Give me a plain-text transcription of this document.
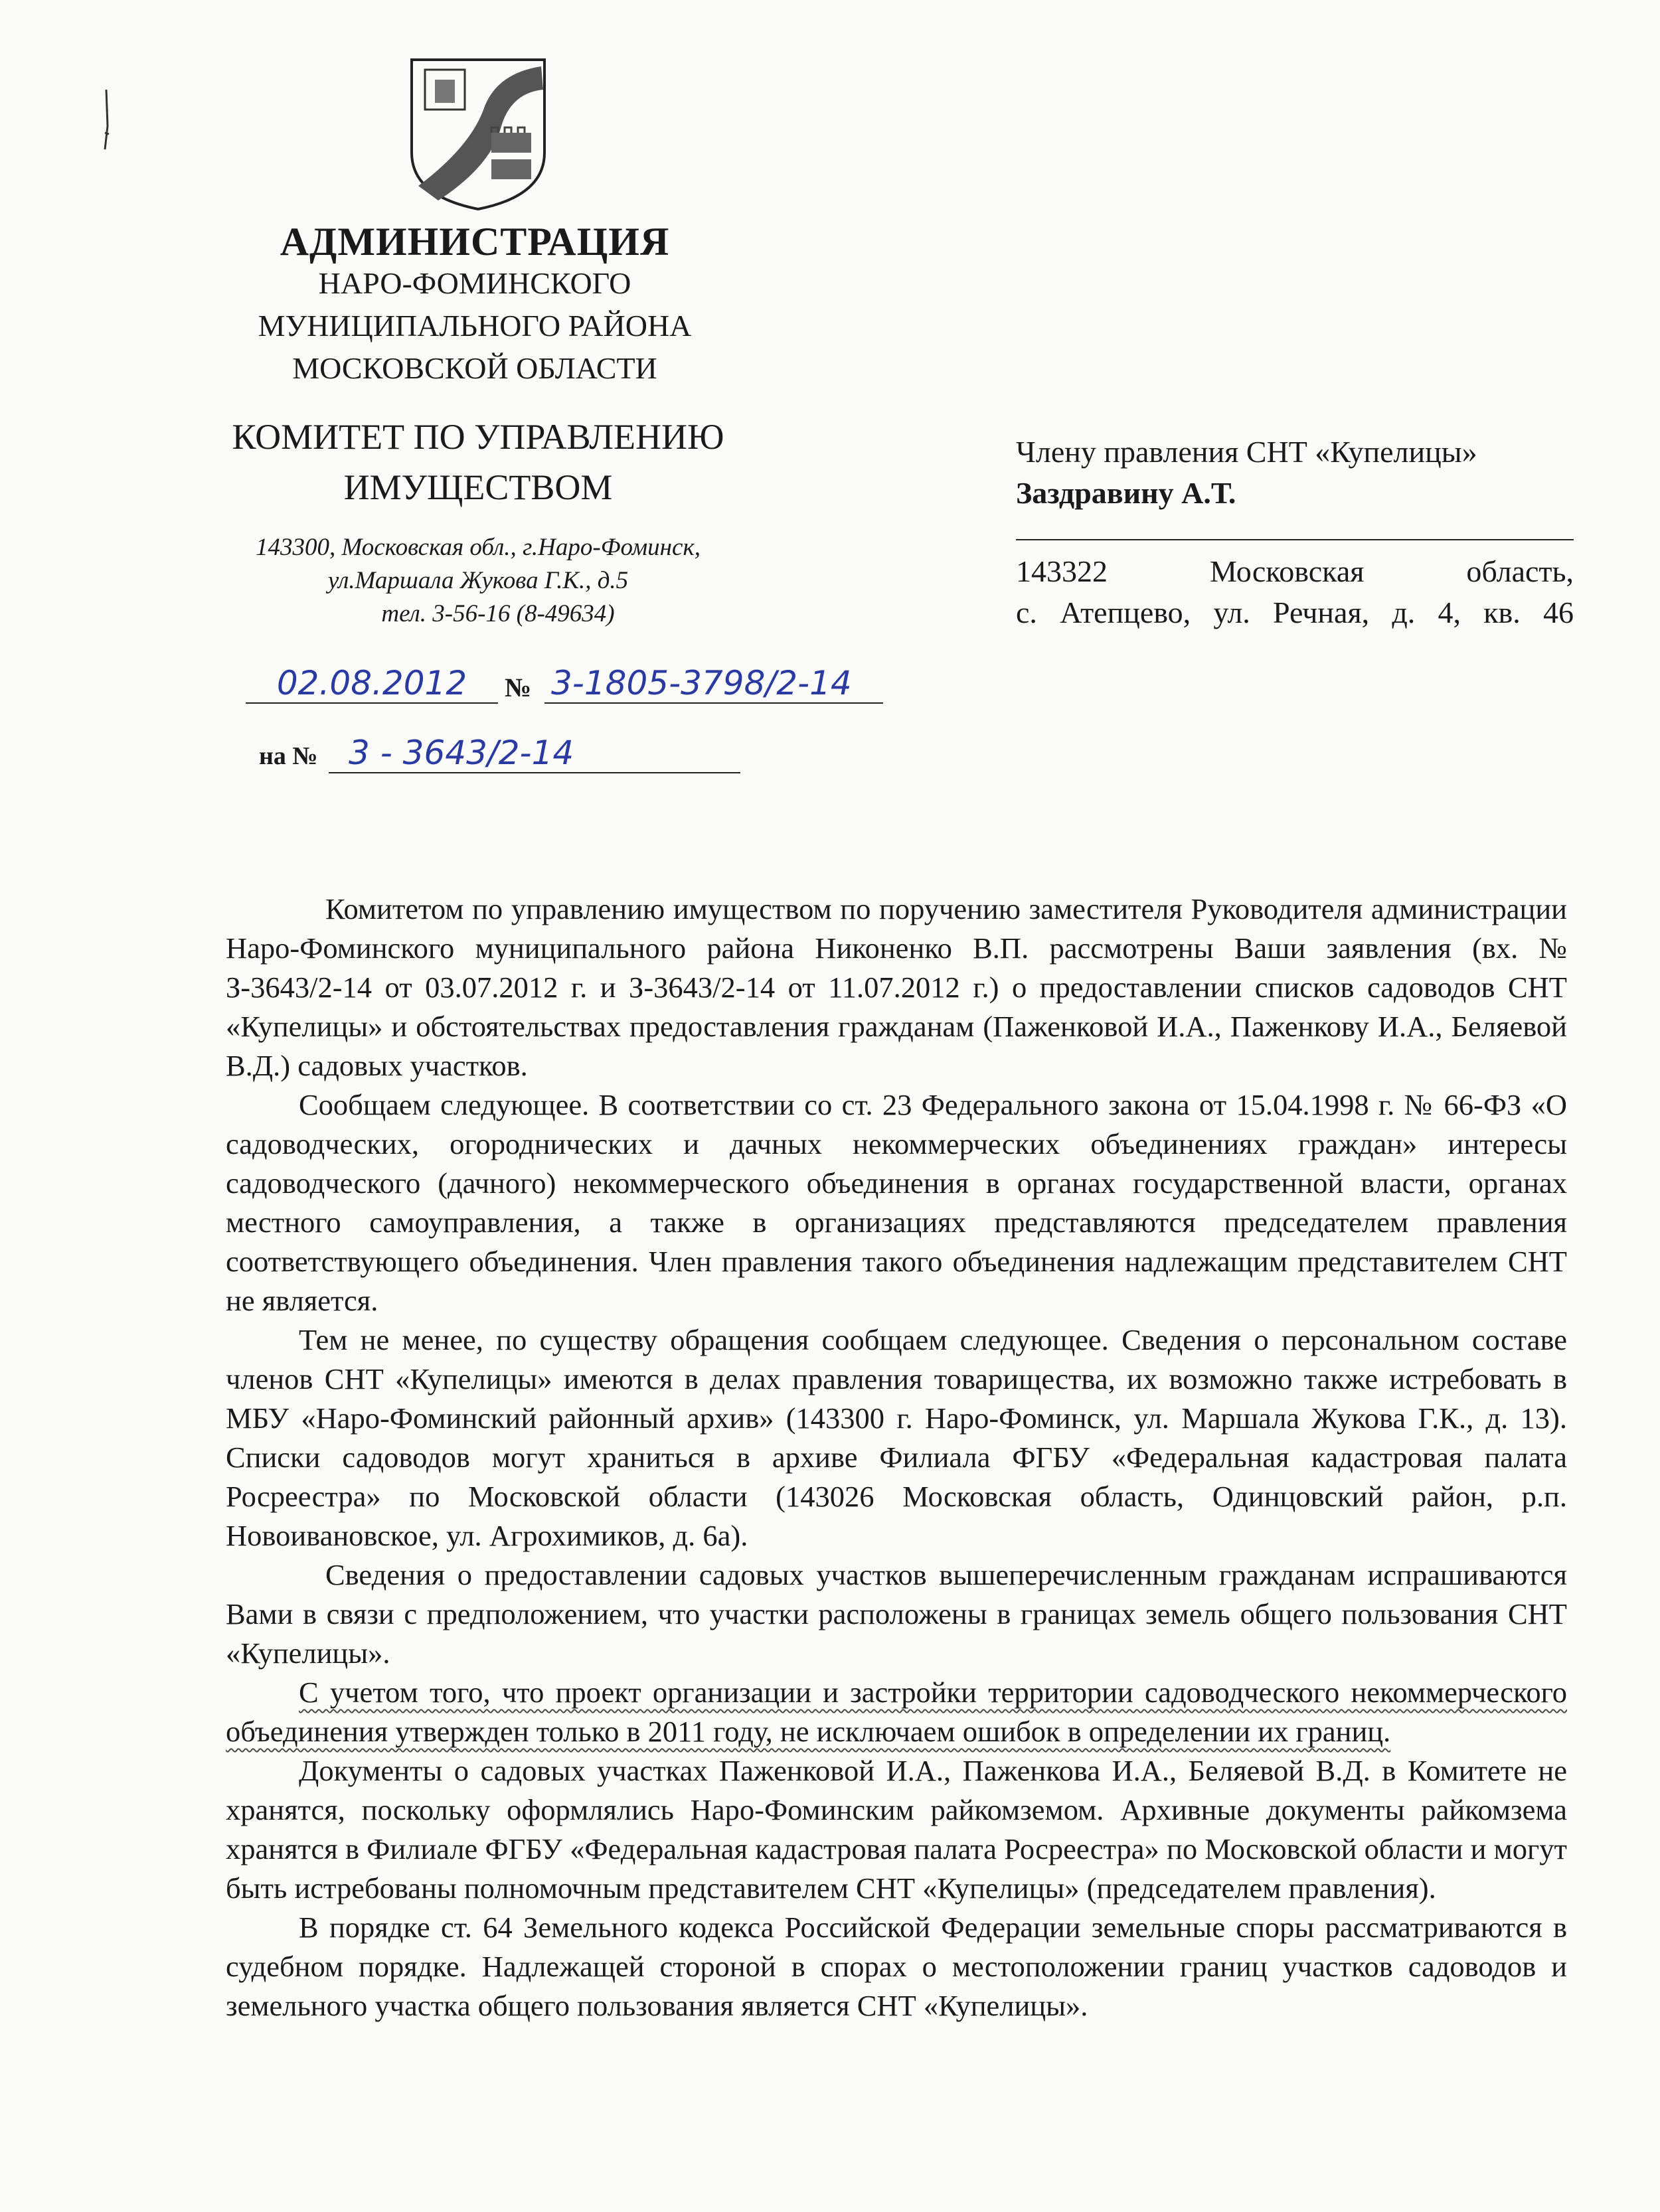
АДМИНИСТРАЦИЯ
НАРО-ФОМИНСКОГО
МУНИЦИПАЛЬНОГО РАЙОНА
МОСКОВСКОЙ ОБЛАСТИ
КОМИТЕТ ПО УПРАВЛЕНИЮ
ИМУЩЕСТВОМ
143300, Московская обл., г.Наро-Фоминск,
ул.Маршала Жукова Г.К., д.5
тел. 3-56-16 (8-49634)
Члену правления СНТ «Купелицы»
Заздравину А.Т.
143322 Московская область,
с. Атепцево, ул. Речная, д. 4, кв. 46
02.08.2012	№ 3-1805-3798/2-14
на № 3 - 3643/2-14

Комитетом по управлению имуществом по поручению заместителя Руководителя администрации Наро-Фоминского муниципального района Никоненко В.П. рассмотрены Ваши заявления (вх. № З-3643/2-14 от 03.07.2012 г. и З-3643/2-14 от 11.07.2012 г.) о предоставлении списков садоводов СНТ «Купелицы» и обстоятельствах предоставления гражданам (Паженковой И.А., Паженкову И.А., Беляевой В.Д.) садовых участков.

Сообщаем следующее. В соответствии со ст. 23 Федерального закона от 15.04.1998 г. № 66-ФЗ «О садоводческих, огороднических и дачных некоммерческих объединениях граждан» интересы садоводческого (дачного) некоммерческого объединения в органах государственной власти, органах местного самоуправления, а также в организациях представляются председателем правления соответствующего объединения. Член правления такого объединения надлежащим представителем СНТ не является.

Тем не менее, по существу обращения сообщаем следующее. Сведения о персональном составе членов СНТ «Купелицы» имеются в делах правления товарищества, их возможно также истребовать в МБУ «Наро-Фоминский районный архив» (143300 г. Наро-Фоминск, ул. Маршала Жукова Г.К., д. 13). Списки садоводов могут храниться в архиве Филиала ФГБУ «Федеральная кадастровая палата Росреестра» по Московской области (143026 Московская область, Одинцовский район, р.п. Новоивановское, ул. Агрохимиков, д. 6а).

Сведения о предоставлении садовых участков вышеперечисленным гражданам испрашиваются Вами в связи с предположением, что участки расположены в границах земель общего пользования СНТ «Купелицы».

С учетом того, что проект организации и застройки территории садоводческого некоммерческого объединения утвержден только в 2011 году, не исключаем ошибок в определении их границ.

Документы о садовых участках Паженковой И.А., Паженкова И.А., Беляевой В.Д. в Комитете не хранятся, поскольку оформлялись Наро-Фоминским райкомземом. Архивные документы райкомзема хранятся в Филиале ФГБУ «Федеральная кадастровая палата Росреестра» по Московской области и могут быть истребованы полномочным представителем СНТ «Купелицы» (председателем правления).

В порядке ст. 64 Земельного кодекса Российской Федерации земельные споры рассматриваются в судебном порядке. Надлежащей стороной в спорах о местоположении границ участков садоводов и земельного участка общего пользования является СНТ «Купелицы».
